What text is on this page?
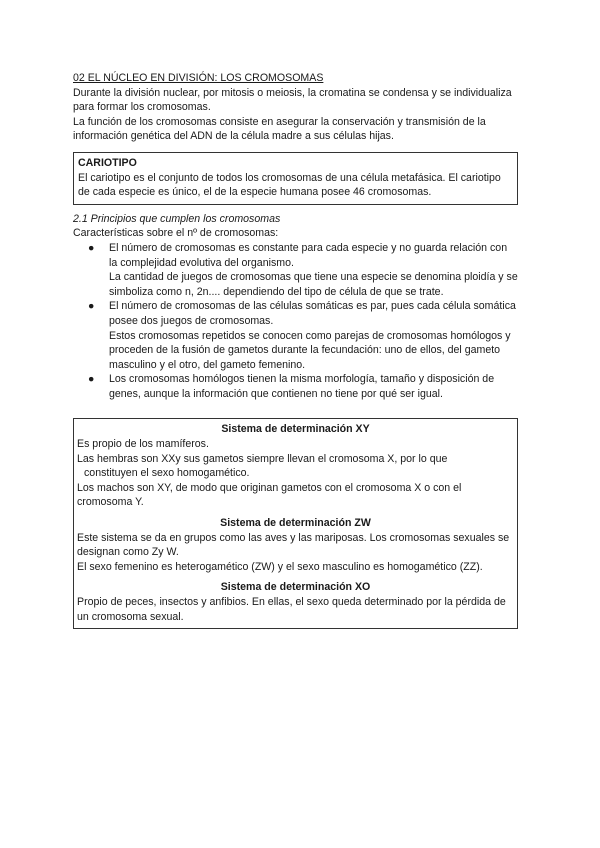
02 EL NÚCLEO EN DIVISIÓN: LOS CROMOSOMAS

Durante la división nuclear, por mitosis o meiosis, la cromatina se condensa y se individualiza para formar los cromosomas.

La función de los cromosomas consiste en asegurar la conservación y transmisión de la información genética del ADN de la célula madre a sus células hijas.

CARIOTIPO
El cariotipo es el conjunto de todos los cromosomas de una célula metafásica. El cariotipo de cada especie es único, el de la especie humana posee 46 cromosomas.

2.1 Principios que cumplen los cromosomas

Características sobre el nº de cromosomas:

● El número de cromosomas es constante para cada especie y no guarda relación con la complejidad evolutiva del organismo.
La cantidad de juegos de cromosomas que tiene una especie se denomina ploidía y se simboliza como n, 2n.... dependiendo del tipo de célula de que se trate.
● El número de cromosomas de las células somáticas es par, pues cada célula somática posee dos juegos de cromosomas.
Estos cromosomas repetidos se conocen como parejas de cromosomas homólogos y proceden de la fusión de gametos durante la fecundación: uno de ellos, del gameto masculino y el otro, del gameto femenino.
● Los cromosomas homólogos tienen la misma morfología, tamaño y disposición de genes, aunque la información que contienen no tiene por qué ser igual.
Sistema de determinación XY
Es propio de los mamíferos.
Las hembras son XXy sus gametos siempre llevan el cromosoma X, por lo que
constituyen el sexo homogamético.
Los machos son XY, de modo que originan gametos con el cromosoma X o con el cromosoma Y.
Sistema de determinación ZW
Este sistema se da en grupos como las aves y las mariposas. Los cromosomas sexuales se designan como Zy W.
El sexo femenino es heterogamético (ZW) y el sexo masculino es homogamético (ZZ).
Sistema de determinación XO
Propio de peces, insectos y anfibios. En ellas, el sexo queda determinado por la pérdida de un cromosoma sexual.
